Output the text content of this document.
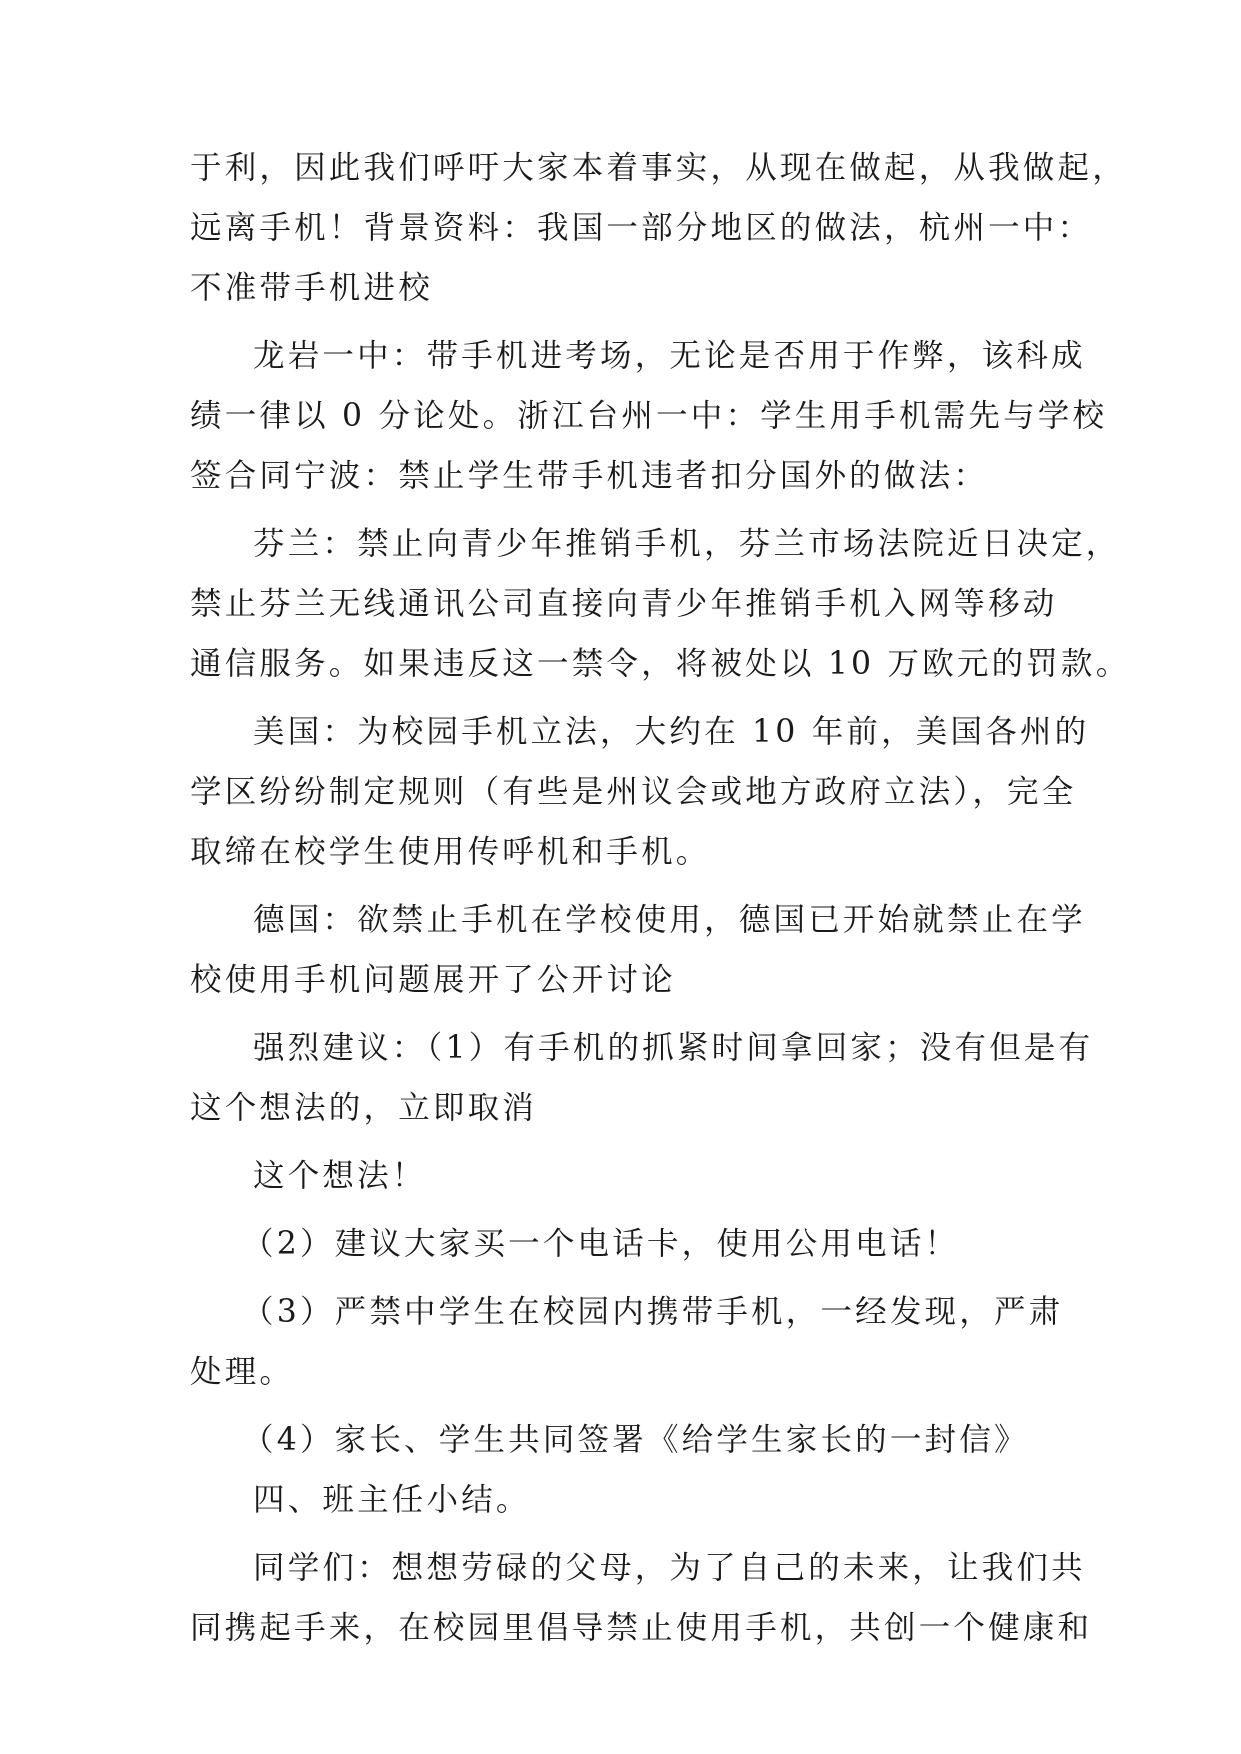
于利，因此我们呼吁大家本着事实，从现在做起，从我做起，
远离手机！背景资料：我国一部分地区的做法，杭州一中：
不准带手机进校
龙岩一中：带手机进考场，无论是否用于作弊，该科成
绩一律以 0 分论处。浙江台州一中：学生用手机需先与学校
签合同宁波：禁止学生带手机违者扣分国外的做法：
芬兰：禁止向青少年推销手机，芬兰市场法院近日决定，
禁止芬兰无线通讯公司直接向青少年推销手机入网等移动
通信服务。如果违反这一禁令，将被处以 10 万欧元的罚款。
美国：为校园手机立法，大约在 10 年前，美国各州的
学区纷纷制定规则（有些是州议会或地方政府立法），完全
取缔在校学生使用传呼机和手机。
德国：欲禁止手机在学校使用，德国已开始就禁止在学
校使用手机问题展开了公开讨论
强烈建议：（1）有手机的抓紧时间拿回家；没有但是有
这个想法的，立即取消
这个想法！
（2）建议大家买一个电话卡，使用公用电话！
（3）严禁中学生在校园内携带手机，一经发现，严肃
处理。
（4）家长、学生共同签署《给学生家长的一封信》
四、班主任小结。
同学们：想想劳碌的父母，为了自己的未来，让我们共
同携起手来，在校园里倡导禁止使用手机，共创一个健康和
